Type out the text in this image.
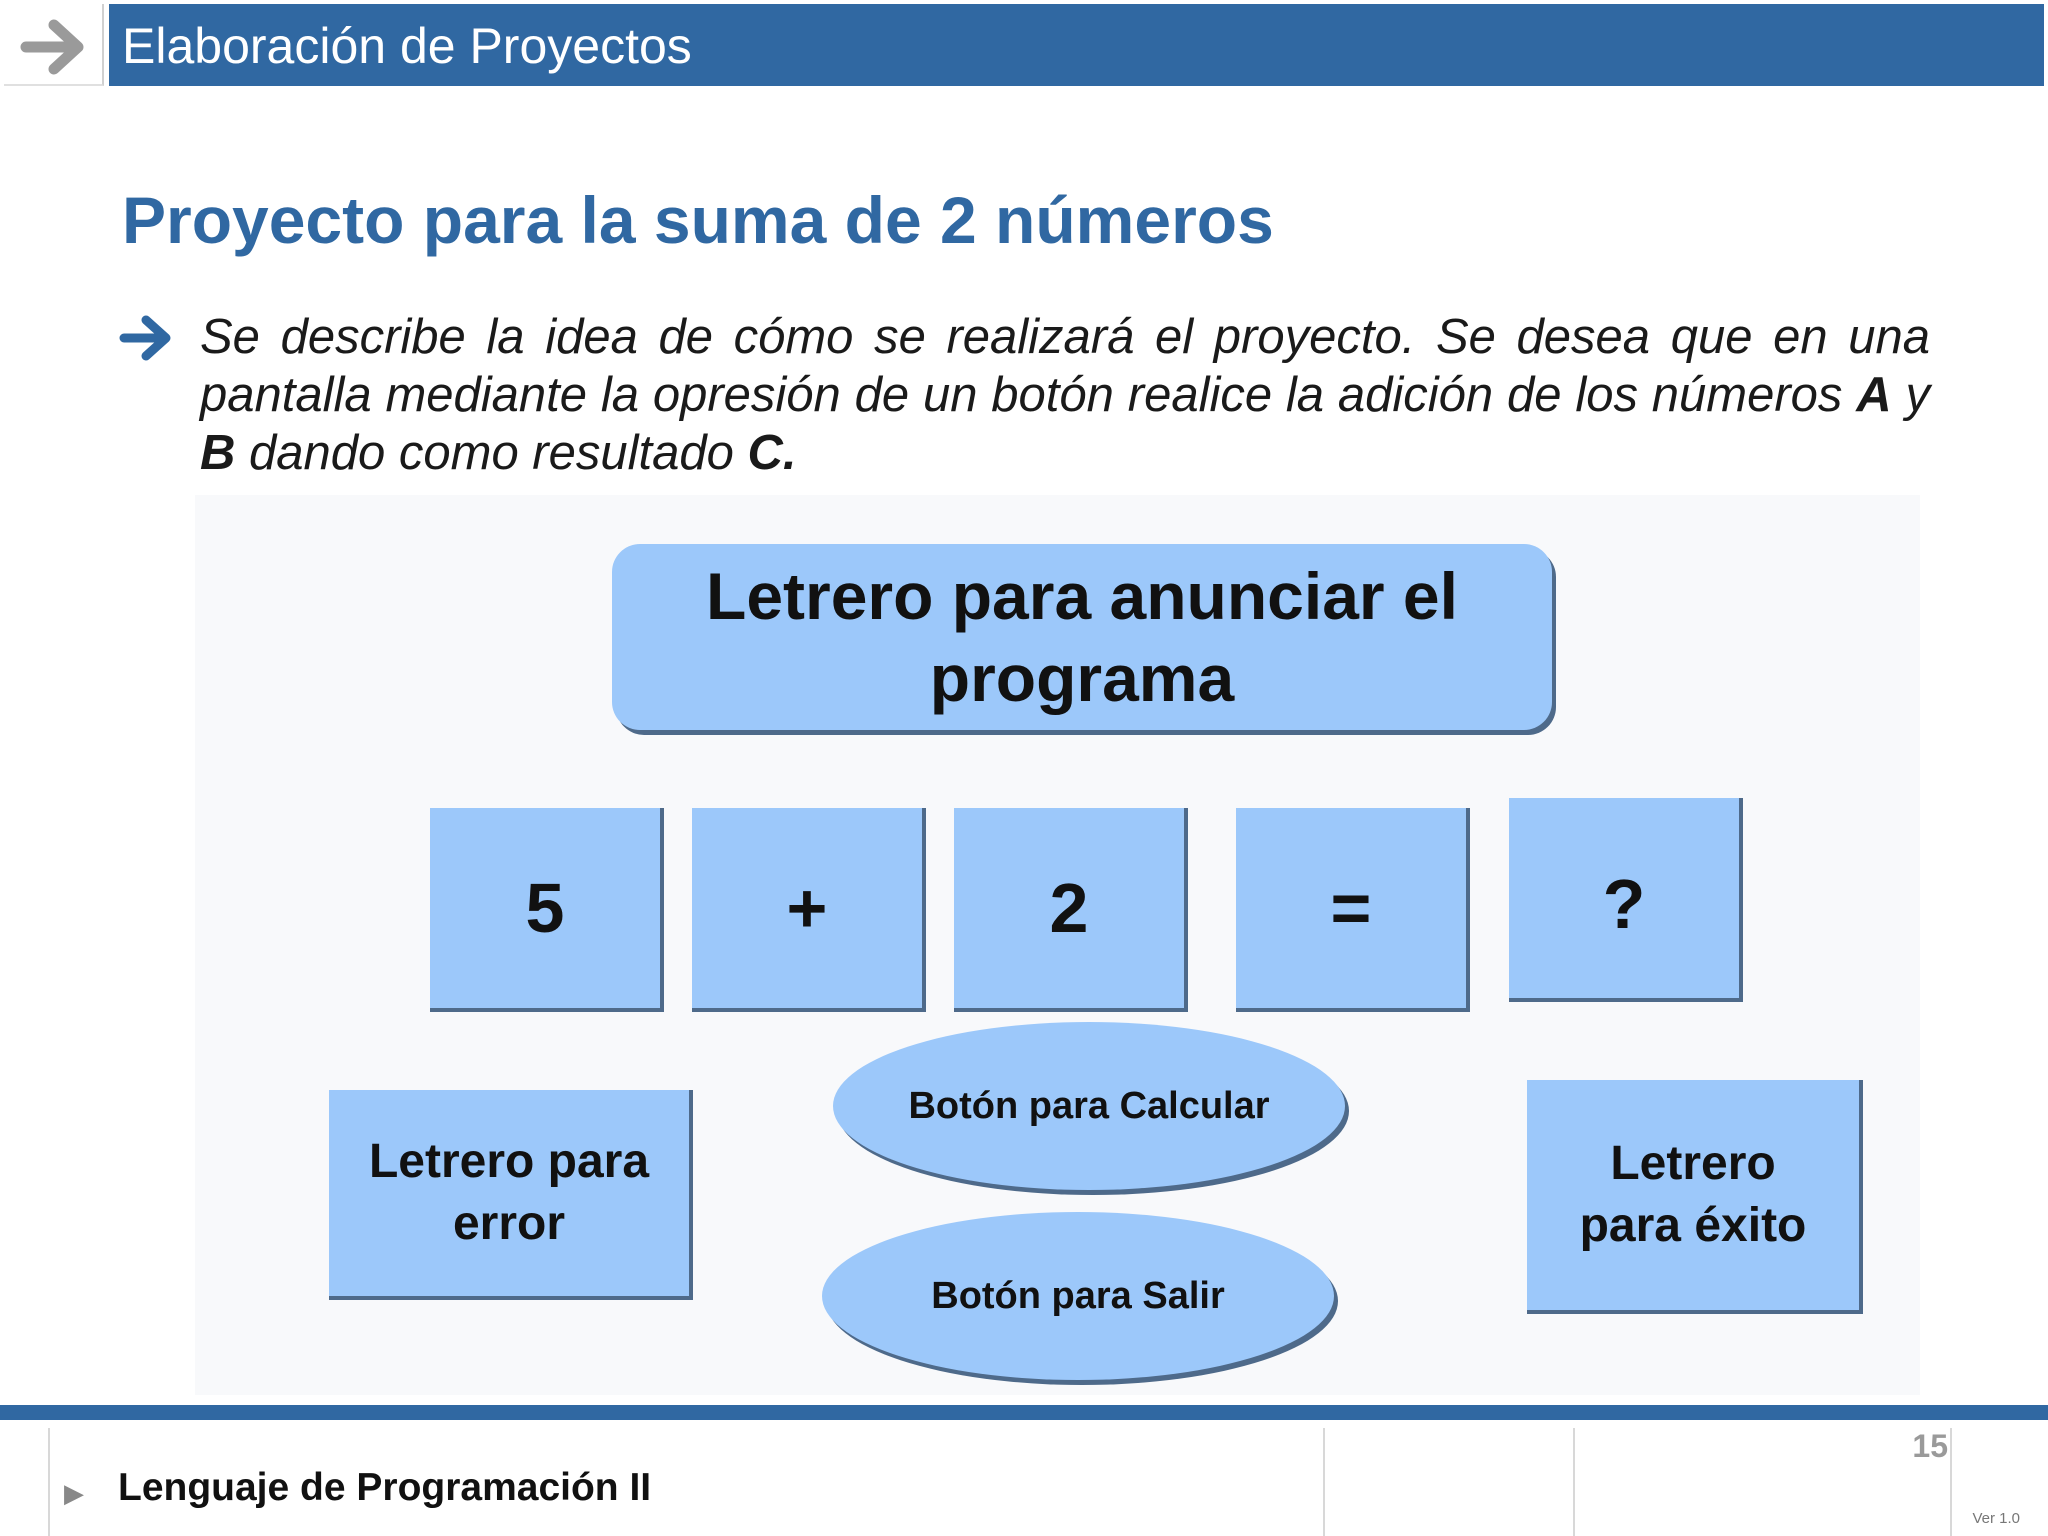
Elaboración de Proyectos
Proyecto para la suma de 2 números
Se describe la idea de cómo se realizará el proyecto. Se desea que en una pantalla mediante la opresión de un botón realice la adición de los números A y B dando como resultado C.
Letrero para anunciar el programa
5	+	2	=	?
Letrero para error
Botón para Calcular
Botón para Salir
Letrero para éxito
▶ Lenguaje de Programación II
15
Ver 1.0
